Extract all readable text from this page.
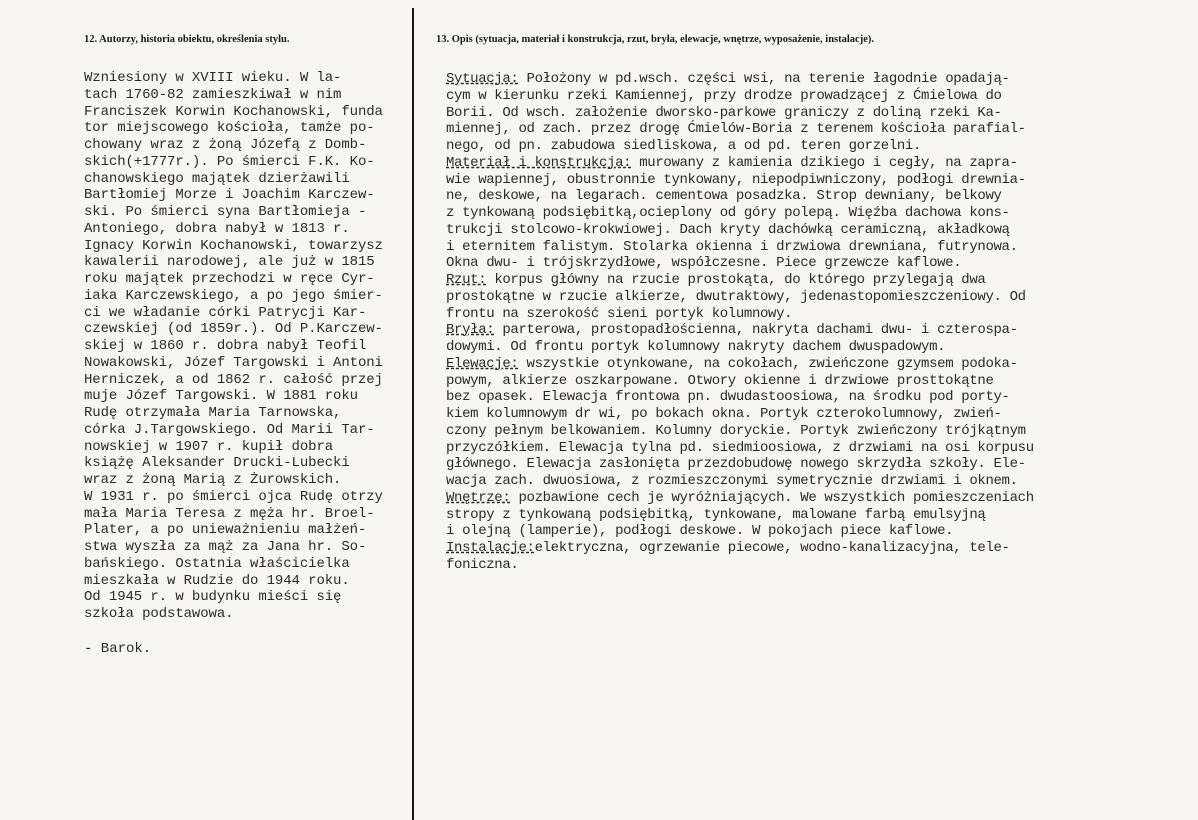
12. Autorzy, historia obiektu, określenia stylu.	13. Opis (sytuacja, materiał i konstrukcja, rzut, bryła, elewacje, wnętrze, wyposażenie, instalacje).
Wzniesiony w XVIII wieku. W la-
tach 1760-82 zamieszkiwał w nim
Franciszek Korwin Kochanowski, funda
tor miejscowego kościoła, tamże po-
chowany wraz z żoną Józefą z Domb-
skich(+1777r.). Po śmierci F.K. Ko-
chanowskiego majątek dzierżawili
Bartłomiej Morze i Joachim Karczew-
ski. Po śmierci syna Bartłomieja -
Antoniego, dobra nabył w 1813 r.
Ignacy Korwin Kochanowski, towarzysz
kawalerii narodowej, ale już w 1815
roku majątek przechodzi w ręce Cyr-
iaka Karczewskiego, a po jego śmier-
ci we władanie córki Patrycji Kar-
czewskiej (od 1859r.). Od P.Karczew-
skiej w 1860 r. dobra nabył Teofil
Nowakowski, Józef Targowski i Antoni
Herniczek, a od 1862 r. całość przej
muje Józef Targowski. W 1881 roku
Rudę otrzymała Maria Tarnowska,
córka J.Targowskiego. Od Marii Tar-
nowskiej w 1907 r. kupił dobra
książę Aleksander Drucki-Lubecki
wraz z żoną Marią z Żurowskich.
W 1931 r. po śmierci ojca Rudę otrzy
mała Maria Teresa z męża hr. Broel-
Plater, a po unieważnieniu małżeń-
stwa wyszła za mąż za Jana hr. So-
bańskiego. Ostatnia właścicielka
mieszkała w Rudzie do 1944 roku.
Od 1945 r. w budynku mieści się
szkoła podstawowa.
- Barok.
Sytuacja: Położony w pd.wsch. części wsi, na terenie łagodnie opadają-
cym w kierunku rzeki Kamiennej, przy drodze prowadzącej z Ćmielowa do
Borii. Od wsch. założenie dworsko-parkowe graniczy z doliną rzeki Ka-
miennej, od zach. przez drogę Ćmielów-Boria z terenem kościoła parafial-
nego, od pn. zabudowa siedliskowa, a od pd. teren gorzelni.
Materiał i konstrukcja: murowany z kamienia dzikiego i cegły, na zapra-
wie wapiennej, obustronnie tynkowany, niepodpiwniczony, podłogi drewnia-
ne, deskowe, na legarach. cementowa posadzka. Strop dewniany, belkowy
z tynkowaną podsiębitką,ocieplony od góry polepą. Więźba dachowa kons-
trukcji stolcowo-krokwiowej. Dach kryty dachówką ceramiczną, akładkową
i eternitem falistym. Stolarka okienna i drzwiowa drewniana, futrynowa.
Okna dwu- i trójskrzydłowe, współczesne. Piece grzewcze kaflowe.
Rzut: korpus główny na rzucie prostokąta, do którego przylegają dwa
prostokątne w rzucie alkierze, dwutraktowy, jedenastopomieszczeniowy. Od
frontu na szerokość sieni portyk kolumnowy.
Bryła: parterowa, prostopadłościenna, nakryta dachami dwu- i czterospa-
dowymi. Od frontu portyk kolumnowy nakryty dachem dwuspadowym.
Elewacje: wszystkie otynkowane, na cokołach, zwieńczone gzymsem podoka-
powym, alkierze oszkarpowane. Otwory okienne i drzwiowe prosttokątne
bez opasek. Elewacja frontowa pn. dwudastoosiowa, na środku pod porty-
kiem kolumnowym dr wi, po bokach okna. Portyk czterokolumnowy, zwień-
czony pełnym belkowaniem. Kolumny doryckie. Portyk zwieńczony trójkątnym
przyczółkiem. Elewacja tylna pd. siedmioosiowa, z drzwiami na osi korpusu
głównego. Elewacja zasłonięta przezdobudowę nowego skrzydła szkoły. Ele-
wacja zach. dwuosiowa, z rozmieszczonymi symetrycznie drzwiami i oknem.
Wnętrze: pozbawione cech je wyróżniających. We wszystkich pomieszczeniach
stropy z tynkowaną podsiębitką, tynkowane, malowane farbą emulsyjną
i olejną (lamperie), podłogi deskowe. W pokojach piece kaflowe.
Instalacje:elektryczna, ogrzewanie piecowe, wodno-kanalizacyjna, tele-
foniczna.
